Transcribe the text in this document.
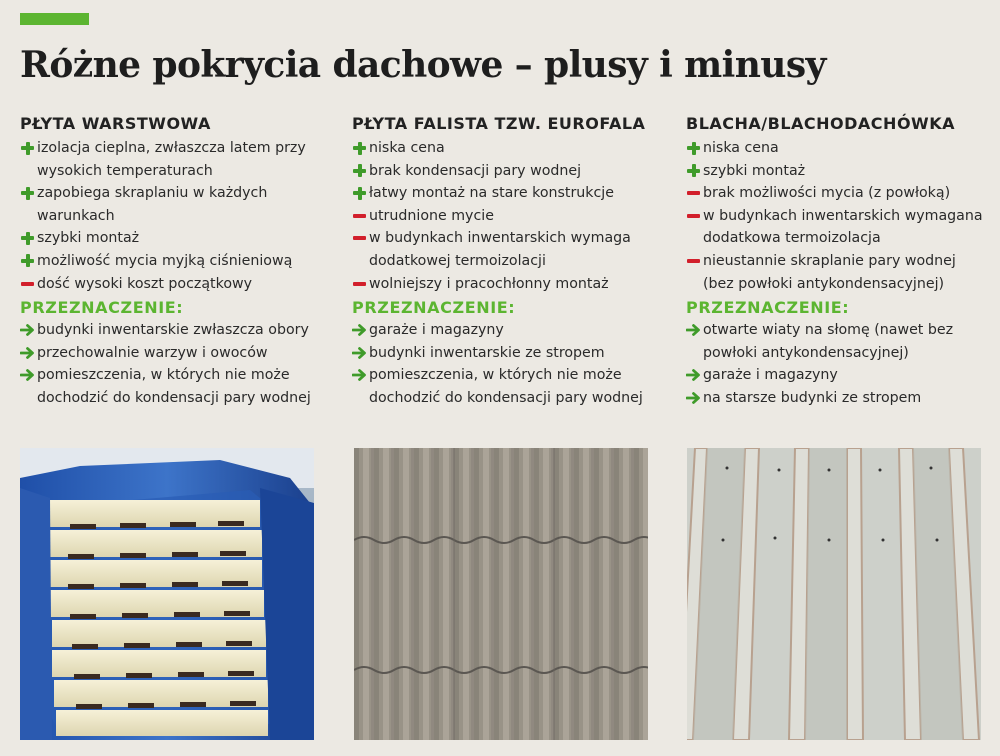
Różne pokrycia dachowe – plusy i minusy
PŁYTA WARSTWOWA
izolacja cieplna, zwłaszcza latem przy wysokich temperaturach
zapobiega skraplaniu w każdych warunkach
szybki montaż
możliwość mycia myjką ciśnieniową
dość wysoki koszt początkowy
PRZEZNACZENIE:
budynki inwentarskie zwłaszcza obory
przechowalnie warzyw i owoców
pomieszczenia, w których nie może dochodzić do kondensacji pary wodnej
PŁYTA FALISTA TZW. EUROFALA
niska cena
brak kondensacji pary wodnej
łatwy montaż na stare konstrukcje
utrudnione mycie
w budynkach inwentarskich wymaga dodatkowej termoizolacji
wolniejszy i pracochłonny montaż
PRZEZNACZENIE:
garaże i magazyny
budynki inwentarskie ze stropem
pomieszczenia, w których nie może dochodzić do kondensacji pary wodnej
BLACHA/BLACHODACHÓWKA
niska cena
szybki montaż
brak możliwości mycia (z powłoką)
w budynkach inwentarskich wymagana dodatkowa termoizolacja
nieustannie skraplanie pary wodnej (bez powłoki antykondensacyjnej)
PRZEZNACZENIE:
otwarte wiaty na słomę (nawet bez powłoki antykondensacyjnej)
garaże i magazyny
na starsze budynki ze stropem
